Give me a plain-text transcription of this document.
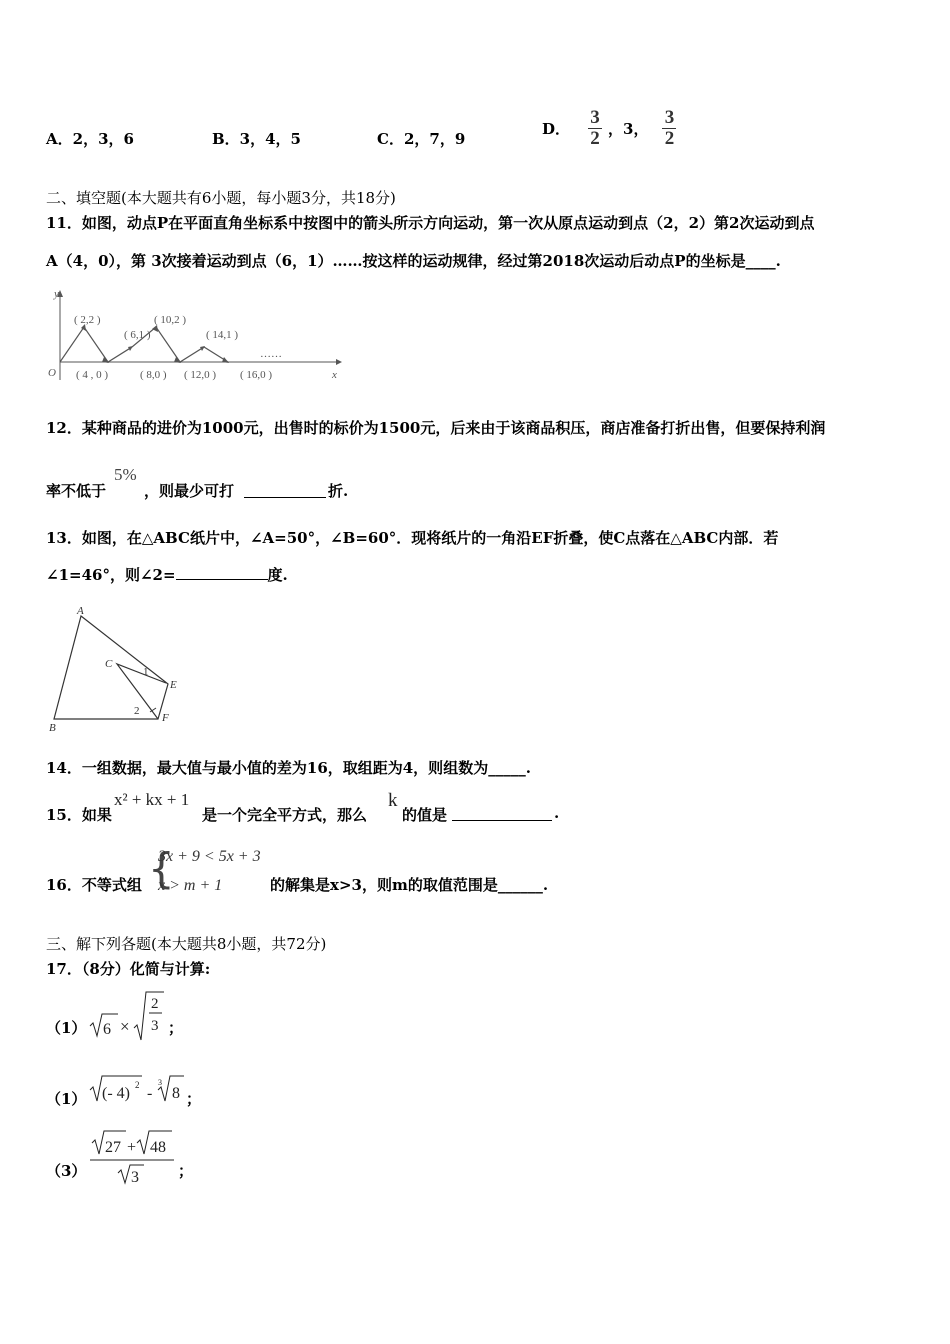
A．2，3，6	B．3，4，5	C．2，7，9
D． $\frac{3}{2}$ ，3， $\frac{3}{2}$
二、填空题(本大题共有6小题，每小题3分，共18分)
11．如图，动点P在平面直角坐标系中按图中的箭头所示方向运动，第一次从原点运动到点（2，2）第2次运动到点
A（4，0），第 3次接着运动到点（6，1）……按这样的运动规律，经过第2018次运动后动点P的坐标是____.
y
x
O
( 2,2 )
( 6,1 )
( 10,2 )
( 14,1 )
……
( 4 , 0 )	( 8,0 ) ( 12,0 ) ( 16,0 )
12．某种商品的进价为1000元，出售时的标价为1500元，后来由于该商品积压，商店准备打折出售，但要保持利润
率不低于
5%
，则最少可打	折.
13．如图，在△ABC纸片中，∠A=50°，∠B=60°．现将纸片的一角沿EF折叠，使C点落在△ABC内部．若
∠1=46°，则∠2=	度.
A
B
C
E
F
1
2
14．一组数据，最大值与最小值的差为16，取组距为4，则组数为_____.
15．如果
x² + kx + 1
是一个完全平方式，那么
k
的值是	.
16．不等式组 {
3x + 9 < 5x + 3
x > m + 1	的解集是x>3，则m的取值范围是______.
三、解下列各题(本大题共8小题，共72分)
17．（8分）化简与计算:
（1） 6 ×
2
3 ；
（1） (- 4) 2 -
3
8 ；
（3）
27 + 48
3	；
